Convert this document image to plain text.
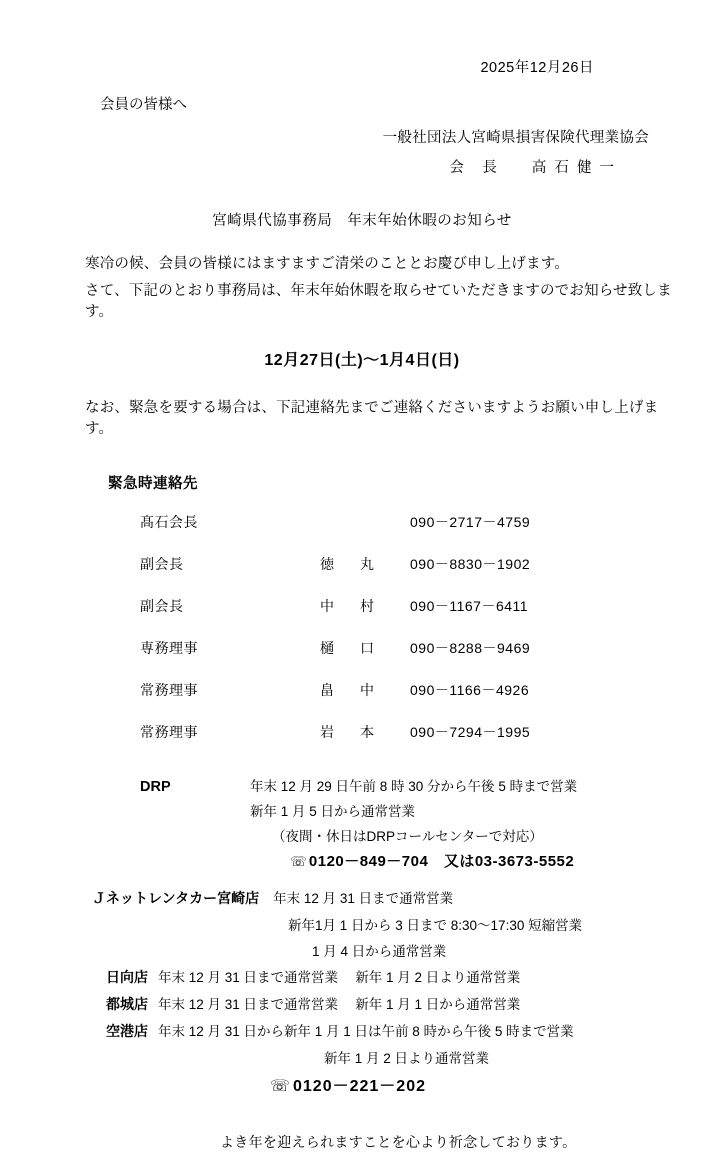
2025年12月26日
会員の皆様へ
一般社団法人宮崎県損害保険代理業協会
会　長　　高 石 健 一
宮崎県代協事務局　年末年始休暇のお知らせ
寒冷の候、会員の皆様にはますますご清栄のこととお慶び申し上げます。
さて、下記のとおり事務局は、年末年始休暇を取らせていただきますのでお知らせ致します。
12月27日(土)〜1月4日(日)
なお、緊急を要する場合は、下記連絡先までご連絡くださいますようお願い申し上げます。
緊急時連絡先
髙石会長		090－2717－4759
副会長	徳　丸	090－8830－1902
副会長	中　村	090－1167－6411
専務理事	樋　口	090－8288－9469
常務理事	畠　中	090－1166－4926
常務理事	岩　本	090－7294－1995
DRP	年末 12 月 29 日午前 8 時 30 分から午後 5 時まで営業
新年 1 月 5 日から通常営業
（夜間・休日はDRPコールセンターで対応）
☏ 0120－849－704　又は03-3673-5552
Ｊネットレンタカー宮崎店 年末 12 月 31 日まで通常営業
新年1月 1 日から 3 日まで 8:30〜17:30 短縮営業
1 月 4 日から通常営業
日向店 年末 12 月 31 日まで通常営業　 新年 1 月 2 日より通常営業
都城店 年末 12 月 31 日まで通常営業　 新年 1 月 1 日から通常営業
空港店 年末 12 月 31 日から新年 1 月 1 日は午前 8 時から午後 5 時まで営業
新年 1 月 2 日より通常営業
☏ 0120－221－202
よき年を迎えられますことを心より祈念しております。
